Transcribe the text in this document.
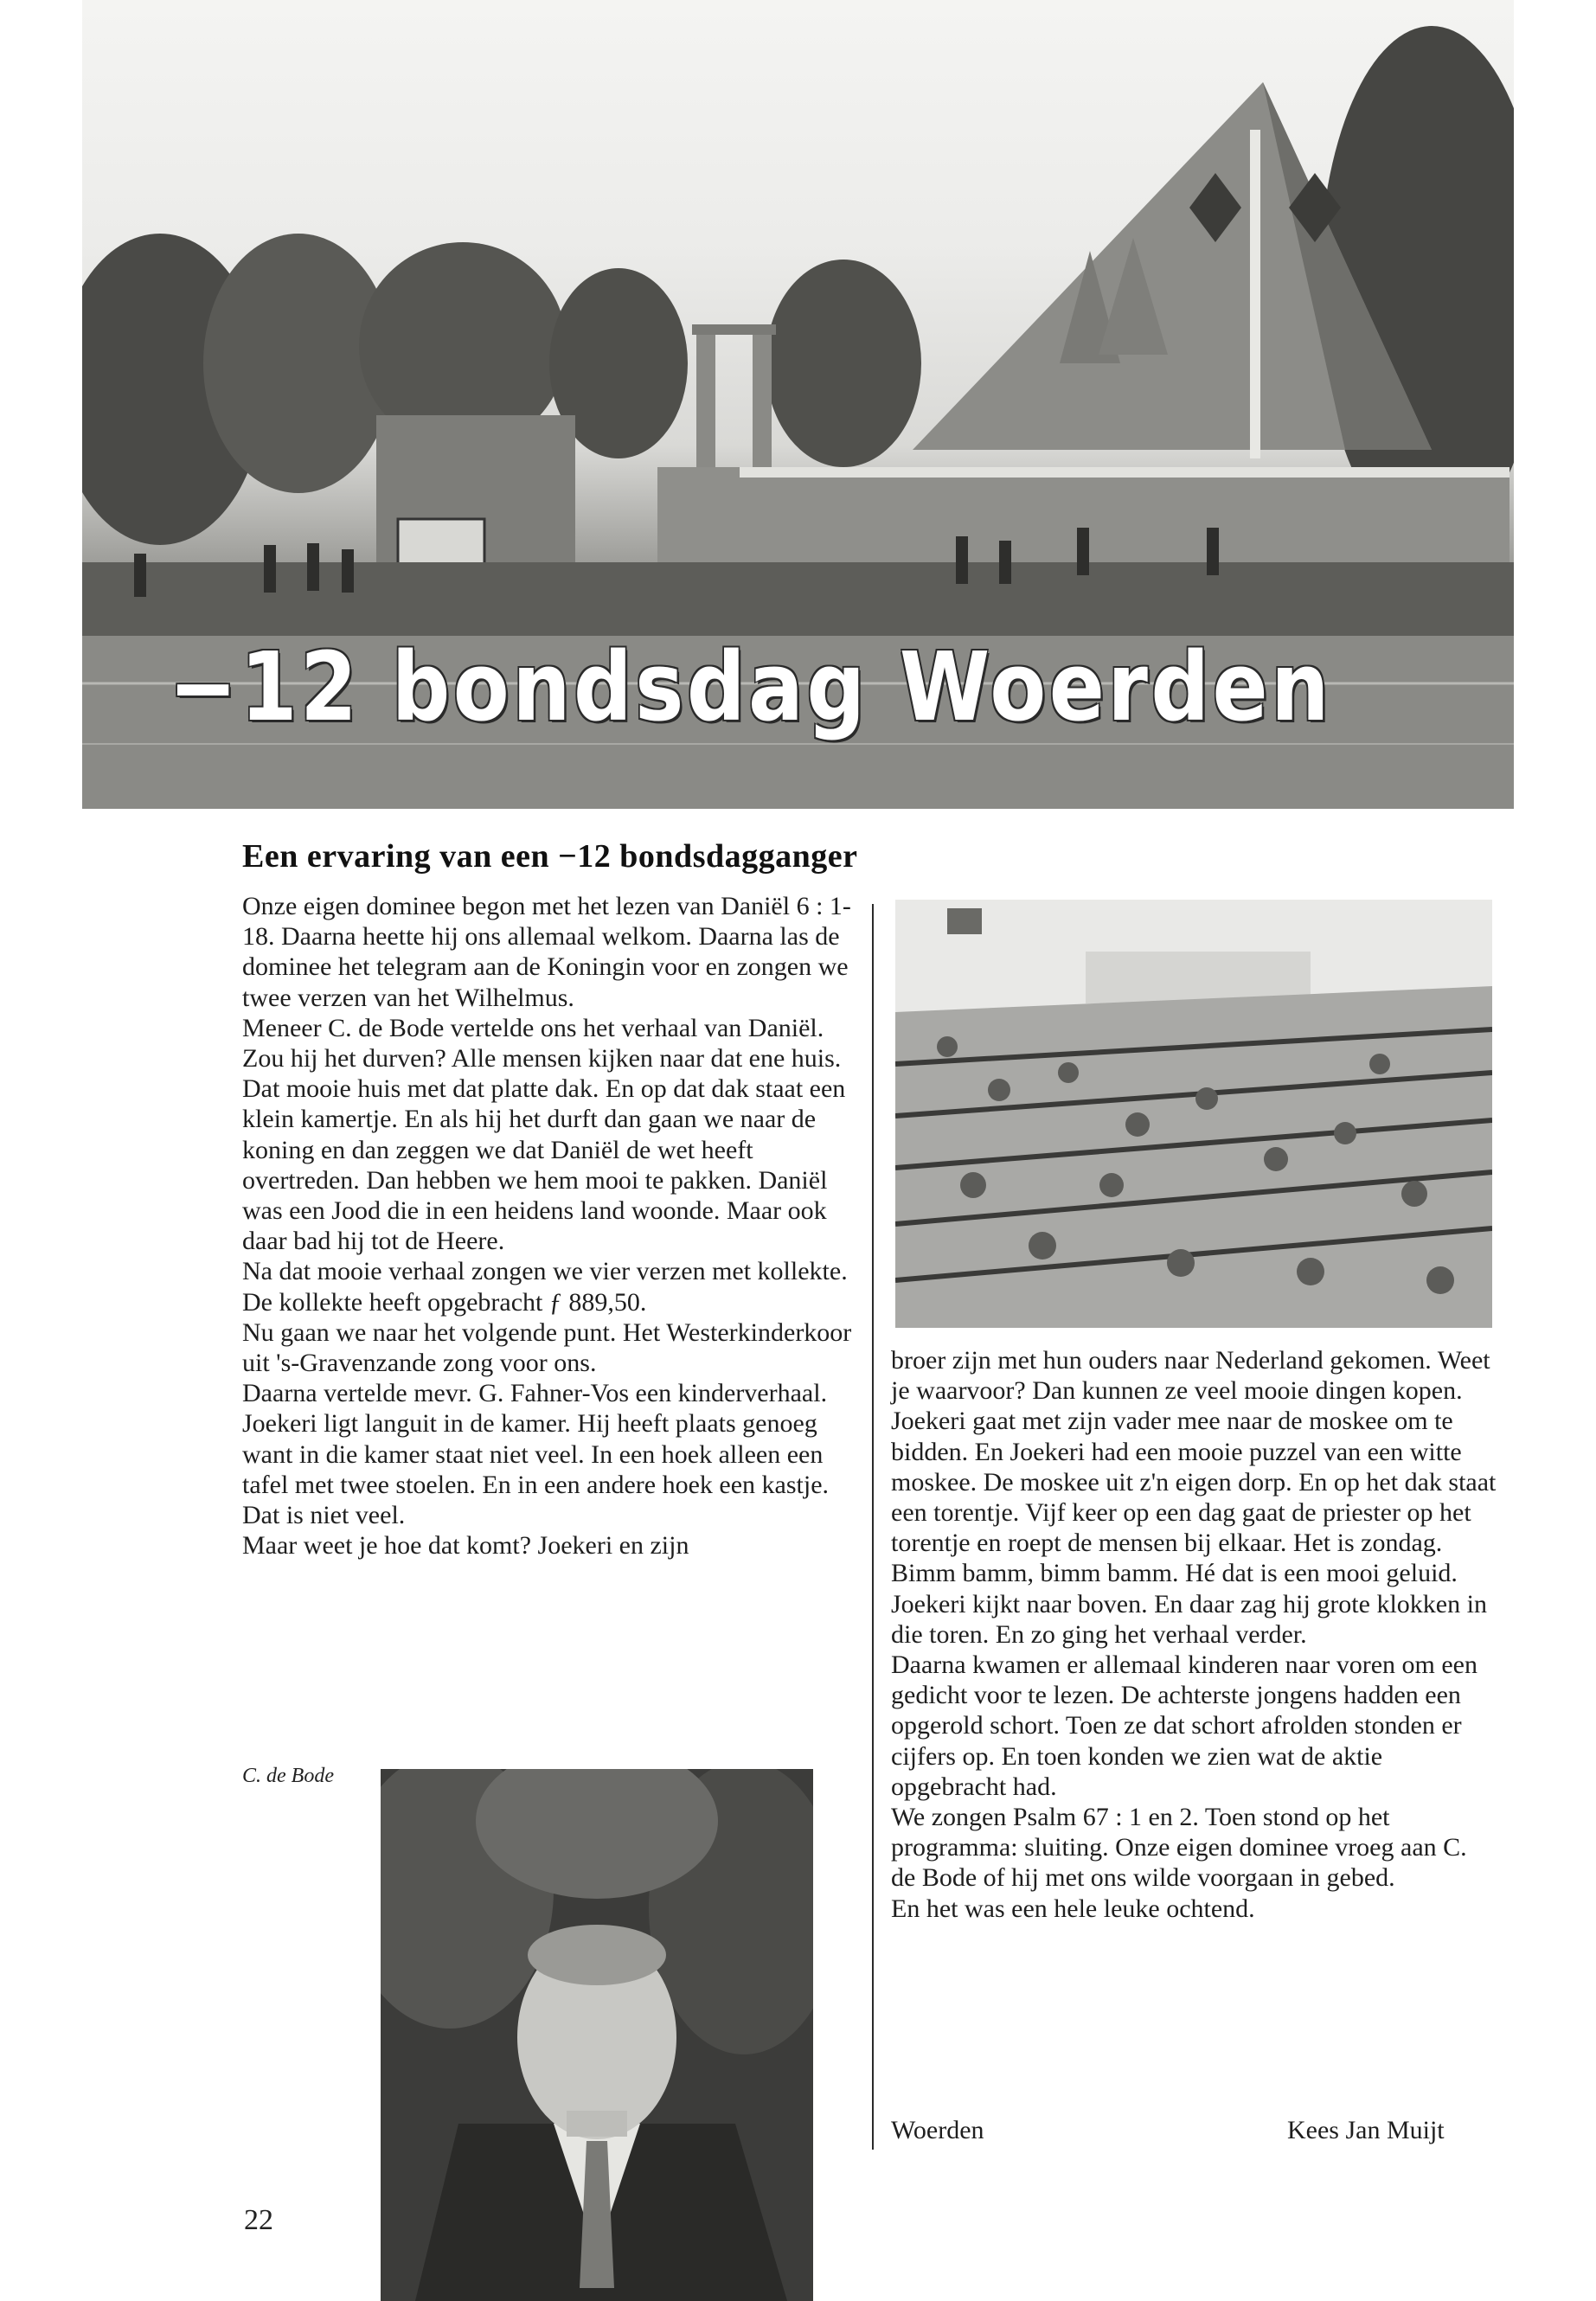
−12 bondsdag Woerden
Een ervaring van een −12 bondsdagganger

Onze eigen dominee begon met het lezen van Daniël 6 : 1-18. Daarna heette hij ons allemaal welkom. Daarna las de dominee het telegram aan de Koningin voor en zongen we twee verzen van het Wilhelmus.

Meneer C. de Bode vertelde ons het verhaal van Daniël. Zou hij het durven? Alle mensen kijken naar dat ene huis. Dat mooie huis met dat platte dak. En op dat dak staat een klein kamertje. En als hij het durft dan gaan we naar de koning en dan zeggen we dat Daniël de wet heeft overtreden. Dan hebben we hem mooi te pakken. Daniël was een Jood die in een heidens land woonde. Maar ook daar bad hij tot de Heere.

Na dat mooie verhaal zongen we vier verzen met kollekte. De kollekte heeft opgebracht ƒ 889,50.

Nu gaan we naar het volgende punt. Het Westerkinderkoor uit 's-Gravenzande zong voor ons.

Daarna vertelde mevr. G. Fahner-Vos een kinderverhaal. Joekeri ligt languit in de kamer. Hij heeft plaats genoeg want in die kamer staat niet veel. In een hoek alleen een tafel met twee stoelen. En in een andere hoek een kastje. Dat is niet veel.

Maar weet je hoe dat komt? Joekeri en zijn

broer zijn met hun ouders naar Nederland gekomen. Weet je waarvoor? Dan kunnen ze veel mooie dingen kopen. Joekeri gaat met zijn vader mee naar de moskee om te bidden. En Joekeri had een mooie puzzel van een witte moskee. De moskee uit z'n eigen dorp. En op het dak staat een torentje. Vijf keer op een dag gaat de priester op het torentje en roept de mensen bij elkaar. Het is zondag. Bimm bamm, bimm bamm. Hé dat is een mooi geluid. Joekeri kijkt naar boven. En daar zag hij grote klokken in die toren. En zo ging het verhaal verder.

Daarna kwamen er allemaal kinderen naar voren om een gedicht voor te lezen. De achterste jongens hadden een opgerold schort. Toen ze dat schort afrolden stonden er cijfers op. En toen konden we zien wat de aktie opgebracht had.

We zongen Psalm 67 : 1 en 2. Toen stond op het programma: sluiting. Onze eigen dominee vroeg aan C. de Bode of hij met ons wilde voorgaan in gebed.

En het was een hele leuke ochtend.

Woerden	Kees Jan Muijt
C. de Bode
22
